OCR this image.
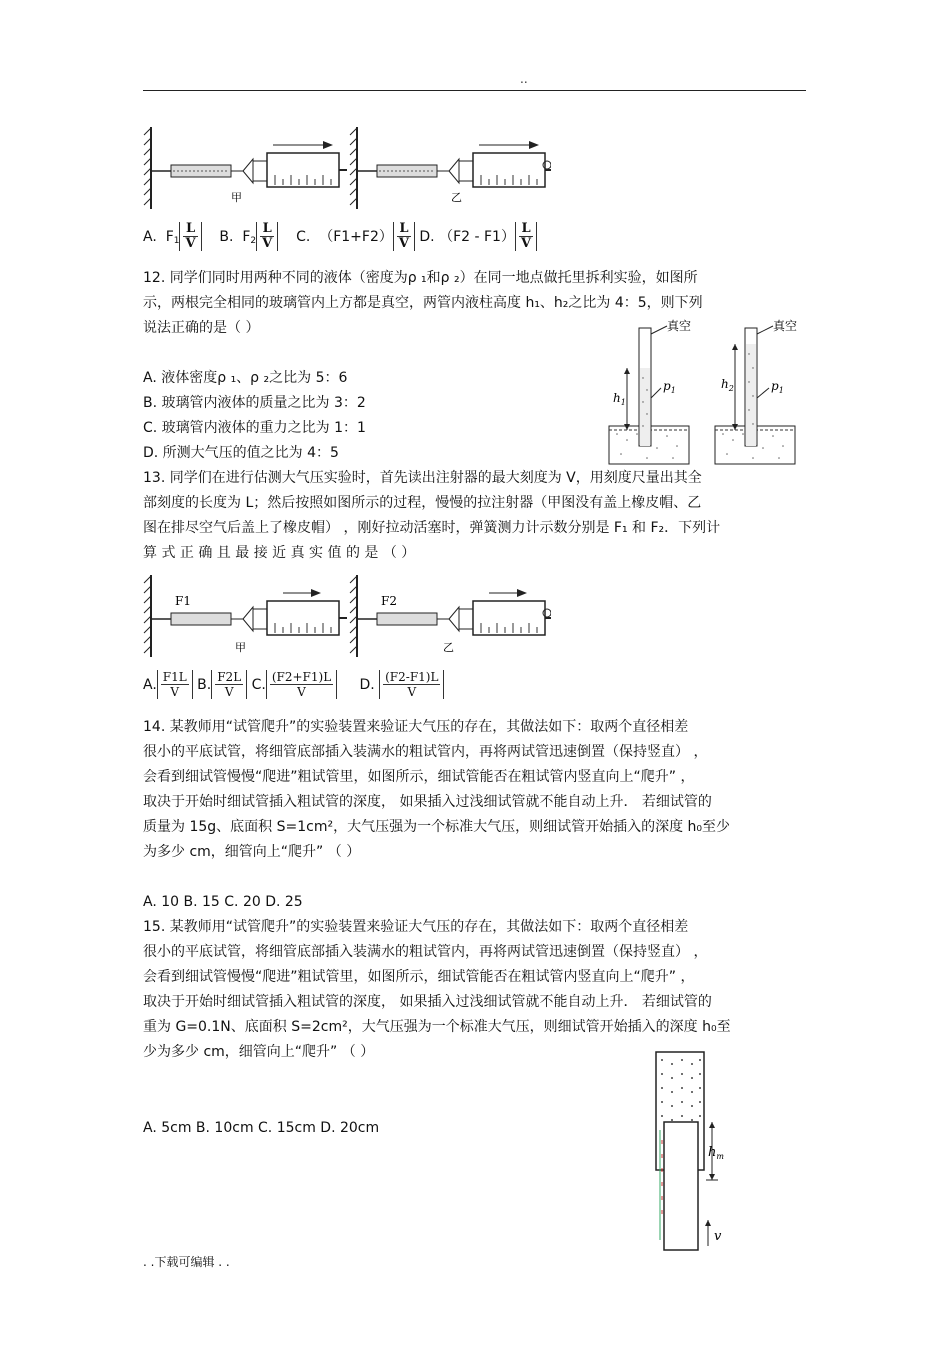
..
甲	乙
A. $F_1 \frac{L}{V} B$. $F_2 \frac{L}{V} C$. $(F1+F2) \frac{L}{V} D$. $(F2 - F1) \frac{L}{V}$
12. 同学们同时用两种不同的液体（密度为ρ ₁和ρ ₂）在同一地点做托里拆利实验，如图所
示，两根完全相同的玻璃管内上方都是真空，两管内液柱高度 h₁、h₂之比为 4：5，则下列
说法正确的是（ ）
A. 液体密度ρ ₁、ρ ₂之比为 5：6
B. 玻璃管内液体的质量之比为 3：2
C. 玻璃管内液体的重力之比为 1：1
D. 所测大气压的值之比为 4：5
真空
$h_1$
$p_1$
真空
$h_2$	$p_1$
13. 同学们在进行估测大气压实验时，首先读出注射器的最大刻度为 V，用刻度尺量出其全
部刻度的长度为 L；然后按照如图所示的过程，慢慢的拉注射器（甲图没有盖上橡皮帽、乙
图在排尽空气后盖上了橡皮帽） ，刚好拉动活塞时，弹簧测力计示数分别是 F₁ 和 F₂．下列计
算 式 正 确 且 最 接 近 真 实 值 的 是 （ ）
F1
甲
F2
乙
A. $\frac{F1L}{V} B$. $\frac{F2L}{V} C$. $\frac{(F2+F1)L}{V} D$. $\frac{(F2-F1)L}{V}$
14. 某教师用“试管爬升”的实验装置来验证大气压的存在，其做法如下：取两个直径相差
很小的平底试管，将细管底部插入装满水的粗试管内，再将两试管迅速倒置（保持竖直） ，
会看到细试管慢慢“爬进”粗试管里，如图所示，细试管能否在粗试管内竖直向上“爬升” ，
取决于开始时细试管插入粗试管的深度， 如果插入过浅细试管就不能自动上升． 若细试管的
质量为 15g、底面积 S=1cm²，大气压强为一个标准大气压，则细试管开始插入的深度 h₀至少
为多少 cm，细管向上“爬升” （ ）
A. 10 B. 15 C. 20 D. 25
15. 某教师用“试管爬升”的实验装置来验证大气压的存在，其做法如下：取两个直径相差
很小的平底试管，将细管底部插入装满水的粗试管内，再将两试管迅速倒置（保持竖直） ，
会看到细试管慢慢“爬进”粗试管里，如图所示，细试管能否在粗试管内竖直向上“爬升” ，
取决于开始时细试管插入粗试管的深度， 如果插入过浅细试管就不能自动上升． 若细试管的
重为 G=0.1N、底面积 S=2cm²，大气压强为一个标准大气压，则细试管开始插入的深度 h₀至
少为多少 cm，细管向上“爬升” （ ）
A. 5cm B. 10cm C. 15cm D. 20cm
$h_m$
v
. .下载可编辑 . .
